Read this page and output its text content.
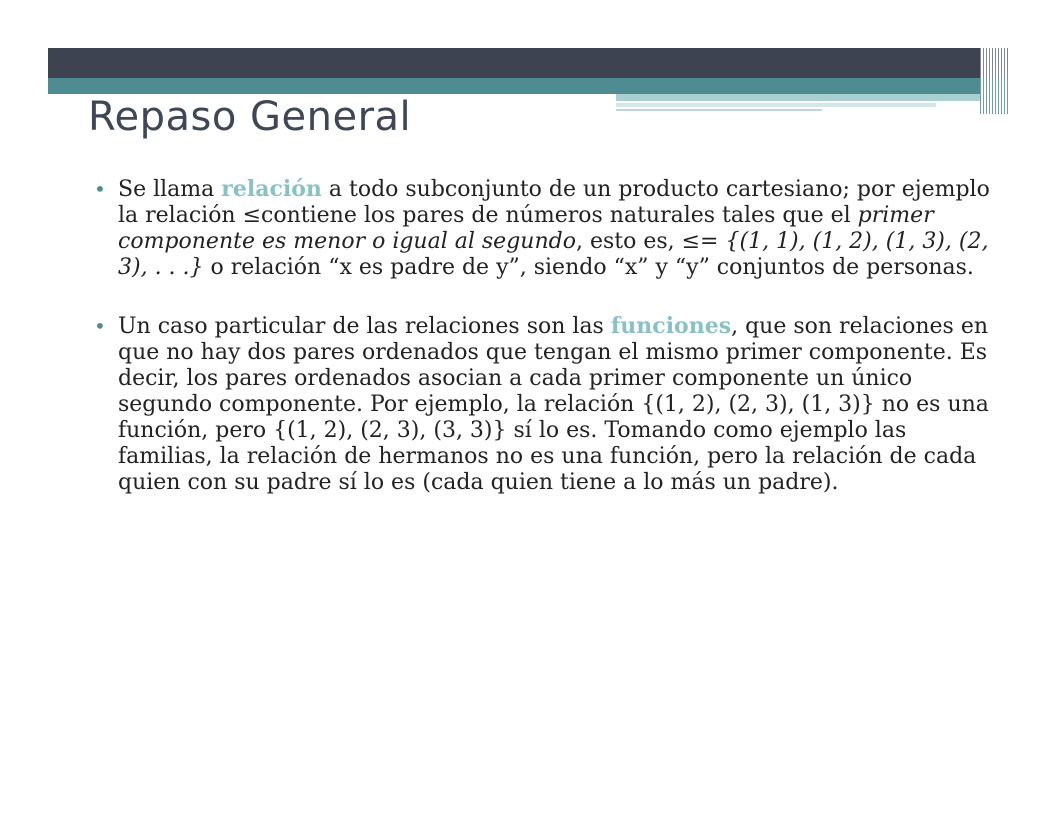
Repaso General

• Se llama relación a todo subconjunto de un producto cartesiano; por ejemplo la relación ≤contiene los pares de números naturales tales que el primer componente es menor o igual al segundo, esto es, ≤= {(1, 1), (1, 2), (1, 3), (2, 3), . . .} o relación “x es padre de y”, siendo “x” y “y” conjuntos de personas.

• Un caso particular de las relaciones son las funciones, que son relaciones en que no hay dos pares ordenados que tengan el mismo primer componente. Es decir, los pares ordenados asocian a cada primer componente un único segundo componente. Por ejemplo, la relación {(1, 2), (2, 3), (1, 3)} no es una función, pero {(1, 2), (2, 3), (3, 3)} sí lo es. Tomando como ejemplo las familias, la relación de hermanos no es una función, pero la relación de cada quien con su padre sí lo es (cada quien tiene a lo más un padre).
